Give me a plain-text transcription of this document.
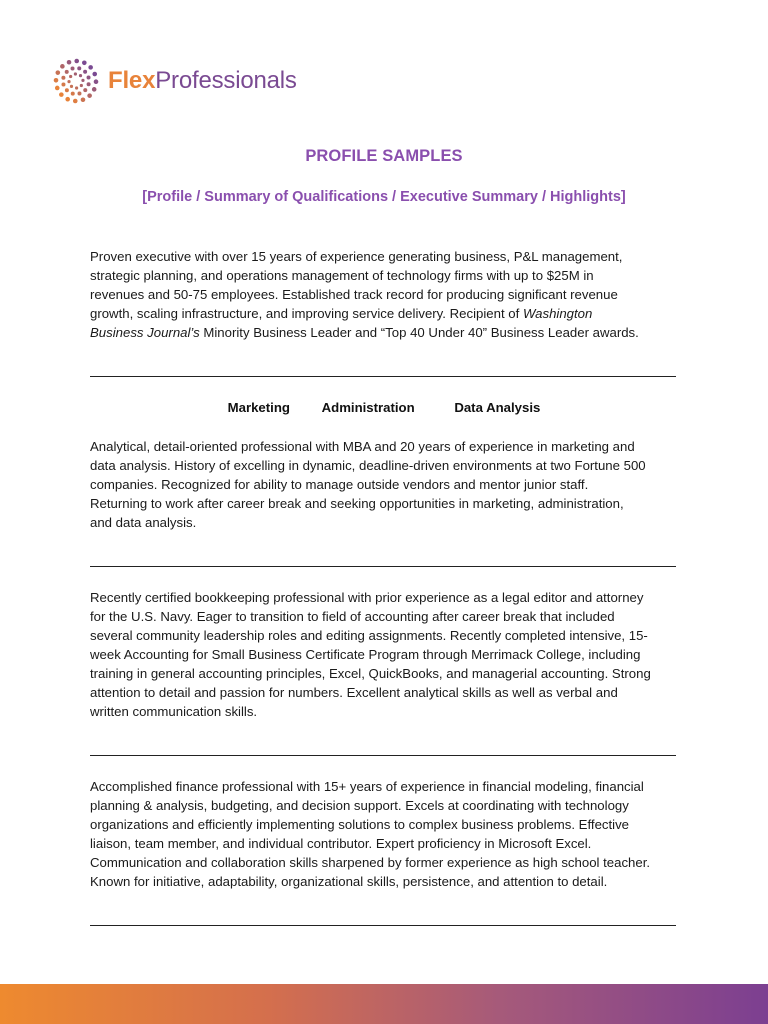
FlexProfessionals
PROFILE SAMPLES
[Profile / Summary of Qualifications / Executive Summary / Highlights]

Proven executive with over 15 years of experience generating business, P&L management,

strategic planning, and operations management of technology firms with up to $25M in

revenues and 50-75 employees. Established track record for producing significant revenue

growth, scaling infrastructure, and improving service delivery. Recipient of Washington

Business Journal’s Minority Business Leader and “Top 40 Under 40” Business Leader awards.

Marketing Administration	Data Analysis

Analytical, detail-oriented professional with MBA and 20 years of experience in marketing and

data analysis. History of excelling in dynamic, deadline-driven environments at two Fortune 500

companies. Recognized for ability to manage outside vendors and mentor junior staff.

Returning to work after career break and seeking opportunities in marketing, administration,

and data analysis.

Recently certified bookkeeping professional with prior experience as a legal editor and attorney

for the U.S. Navy. Eager to transition to field of accounting after career break that included

several community leadership roles and editing assignments. Recently completed intensive, 15-

week Accounting for Small Business Certificate Program through Merrimack College, including

training in general accounting principles, Excel, QuickBooks, and managerial accounting. Strong

attention to detail and passion for numbers. Excellent analytical skills as well as verbal and

written communication skills.

Accomplished finance professional with 15+ years of experience in financial modeling, financial

planning & analysis, budgeting, and decision support. Excels at coordinating with technology

organizations and efficiently implementing solutions to complex business problems. Effective

liaison, team member, and individual contributor. Expert proficiency in Microsoft Excel.

Communication and collaboration skills sharpened by former experience as high school teacher.

Known for initiative, adaptability, organizational skills, persistence, and attention to detail.
